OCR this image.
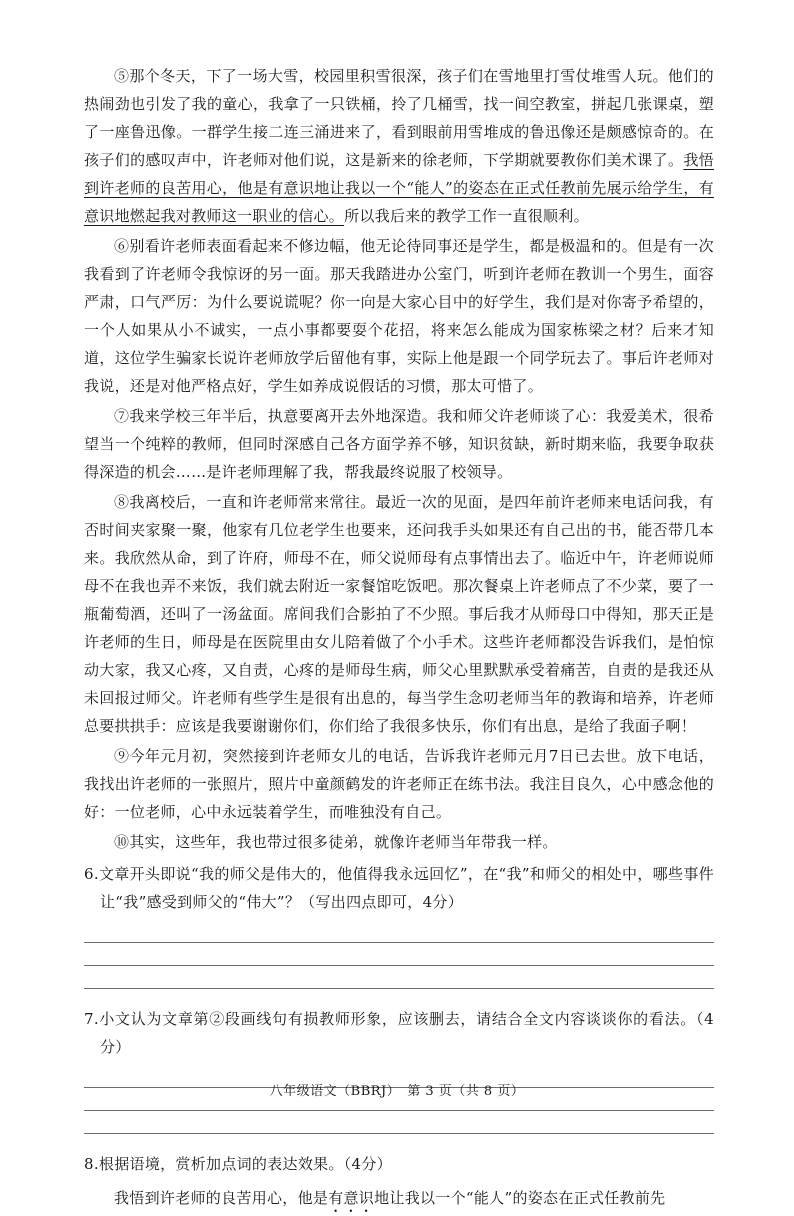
⑤那个冬天，下了一场大雪，校园里积雪很深，孩子们在雪地里打雪仗堆雪人玩。他们的热闹劲也引发了我的童心，我拿了一只铁桶，拎了几桶雪，找一间空教室，拼起几张课桌，塑了一座鲁迅像。一群学生接二连三涌进来了，看到眼前用雪堆成的鲁迅像还是颇感惊奇的。在孩子们的感叹声中，许老师对他们说，这是新来的徐老师，下学期就要教你们美术课了。我悟到许老师的良苦用心，他是有意识地让我以一个“能人”的姿态在正式任教前先展示给学生，有意识地燃起我对教师这一职业的信心。所以我后来的教学工作一直很顺利。

⑥别看许老师表面看起来不修边幅，他无论待同事还是学生，都是极温和的。但是有一次我看到了许老师令我惊讶的另一面。那天我踏进办公室门，听到许老师在教训一个男生，面容严肃，口气严厉：为什么要说谎呢？你一向是大家心目中的好学生，我们是对你寄予希望的，一个人如果从小不诚实，一点小事都要耍个花招，将来怎么能成为国家栋梁之材？后来才知道，这位学生骗家长说许老师放学后留他有事，实际上他是跟一个同学玩去了。事后许老师对我说，还是对他严格点好，学生如养成说假话的习惯，那太可惜了。

⑦我来学校三年半后，执意要离开去外地深造。我和师父许老师谈了心：我爱美术，很希望当一个纯粹的教师，但同时深感自己各方面学养不够，知识贫缺，新时期来临，我要争取获得深造的机会……是许老师理解了我，帮我最终说服了校领导。

⑧我离校后，一直和许老师常来常往。最近一次的见面，是四年前许老师来电话问我，有否时间夹家聚一聚，他家有几位老学生也要来，还问我手头如果还有自己出的书，能否带几本来。我欣然从命，到了许府，师母不在，师父说师母有点事情出去了。临近中午，许老师说师母不在我也弄不来饭，我们就去附近一家餐馆吃饭吧。那次餐桌上许老师点了不少菜，要了一瓶葡萄酒，还叫了一汤盆面。席间我们合影拍了不少照。事后我才从师母口中得知，那天正是许老师的生日，师母是在医院里由女儿陪着做了个小手术。这些许老师都没告诉我们，是怕惊动大家，我又心疼，又自责，心疼的是师母生病，师父心里默默承受着痛苦，自责的是我还从未回报过师父。许老师有些学生是很有出息的，每当学生念叨老师当年的教诲和培养，许老师总要拱拱手：应该是我要谢谢你们，你们给了我很多快乐，你们有出息，是给了我面子啊！

⑨今年元月初，突然接到许老师女儿的电话，告诉我许老师元月7日已去世。放下电话，我找出许老师的一张照片，照片中童颜鹤发的许老师正在练书法。我注目良久，心中感念他的好：一位老师，心中永远装着学生，而唯独没有自己。

⑩其实，这些年，我也带过很多徒弟，就像许老师当年带我一样。

6.文章开头即说“我的师父是伟大的，他值得我永远回忆”，在“我”和师父的相处中，哪些事件让“我”感受到师父的“伟大”？（写出四点即可，4分）
7.小文认为文章第②段画线句有损教师形象，应该删去，请结合全文内容谈谈你的看法。（4分）
8.根据语境，赏析加点词的表达效果。（4分）

我悟到许老师的良苦用心，他是有意识地让我以一个“能人”的姿态在正式任教前先

八年级语文（BBRJ）　第 3 页（共 8 页）
